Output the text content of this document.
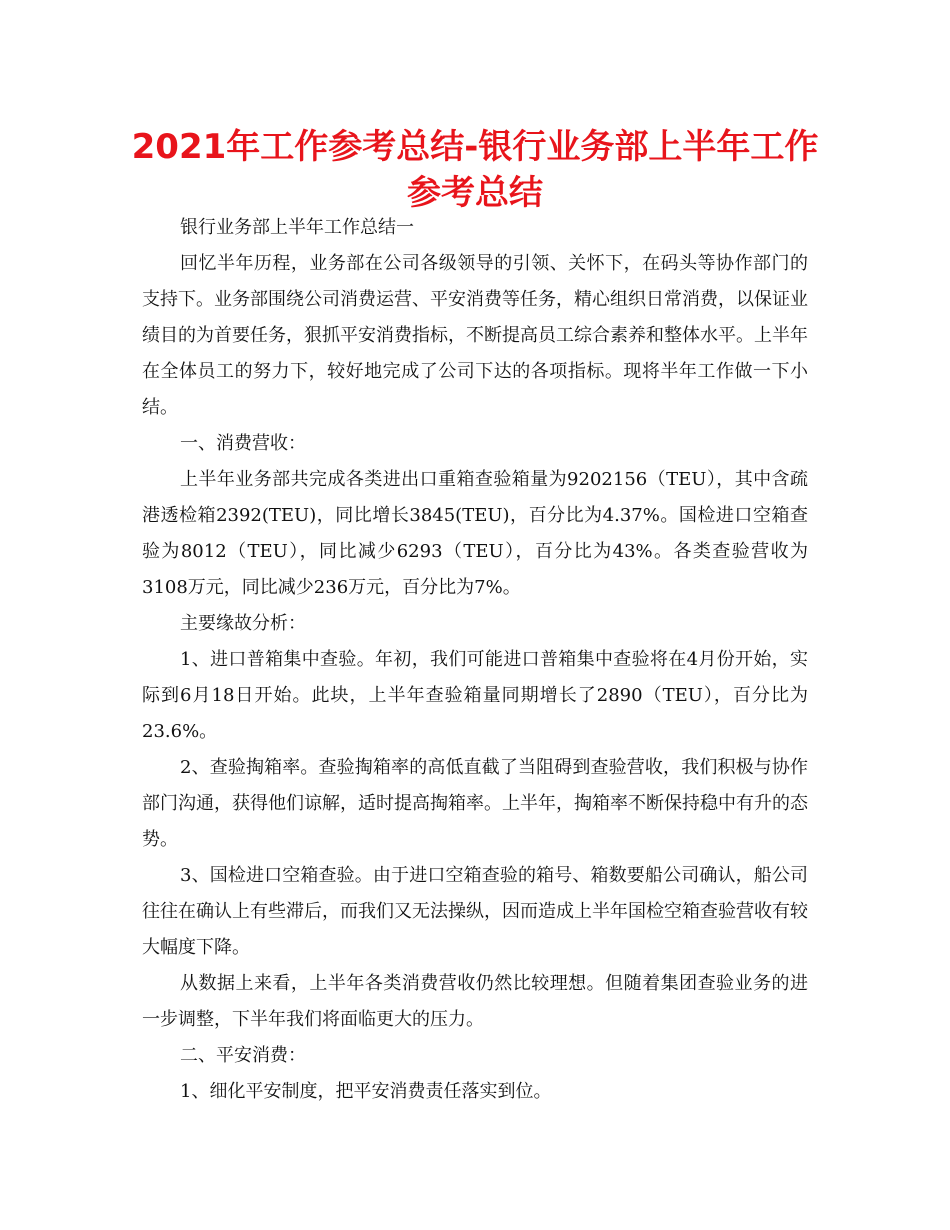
2021年工作参考总结-银行业务部上半年工作参考总结

银行业务部上半年工作总结一

回忆半年历程，业务部在公司各级领导的引领、关怀下，在码头等协作部门的支持下。业务部围绕公司消费运营、平安消费等任务，精心组织日常消费，以保证业绩目的为首要任务，狠抓平安消费指标，不断提高员工综合素养和整体水平。上半年在全体员工的努力下，较好地完成了公司下达的各项指标。现将半年工作做一下小结。

一、消费营收：

上半年业务部共完成各类进出口重箱查验箱量为9202156（TEU），其中含疏港透检箱2392(TEU)，同比增长3845(TEU)，百分比为4.37%。国检进口空箱查验为8012（TEU），同比减少6293（TEU），百分比为43%。各类查验营收为3108万元，同比减少236万元，百分比为7%。

主要缘故分析：

1、进口普箱集中查验。年初，我们可能进口普箱集中查验将在4月份开始，实际到6月18日开始。此块，上半年查验箱量同期增长了2890（TEU），百分比为23.6%。

2、查验掏箱率。查验掏箱率的高低直截了当阻碍到查验营收，我们积极与协作部门沟通，获得他们谅解，适时提高掏箱率。上半年，掏箱率不断保持稳中有升的态势。

3、国检进口空箱查验。由于进口空箱查验的箱号、箱数要船公司确认，船公司往往在确认上有些滞后，而我们又无法操纵，因而造成上半年国检空箱查验营收有较大幅度下降。

从数据上来看，上半年各类消费营收仍然比较理想。但随着集团查验业务的进一步调整，下半年我们将面临更大的压力。

二、平安消费：

1、细化平安制度，把平安消费责任落实到位。
